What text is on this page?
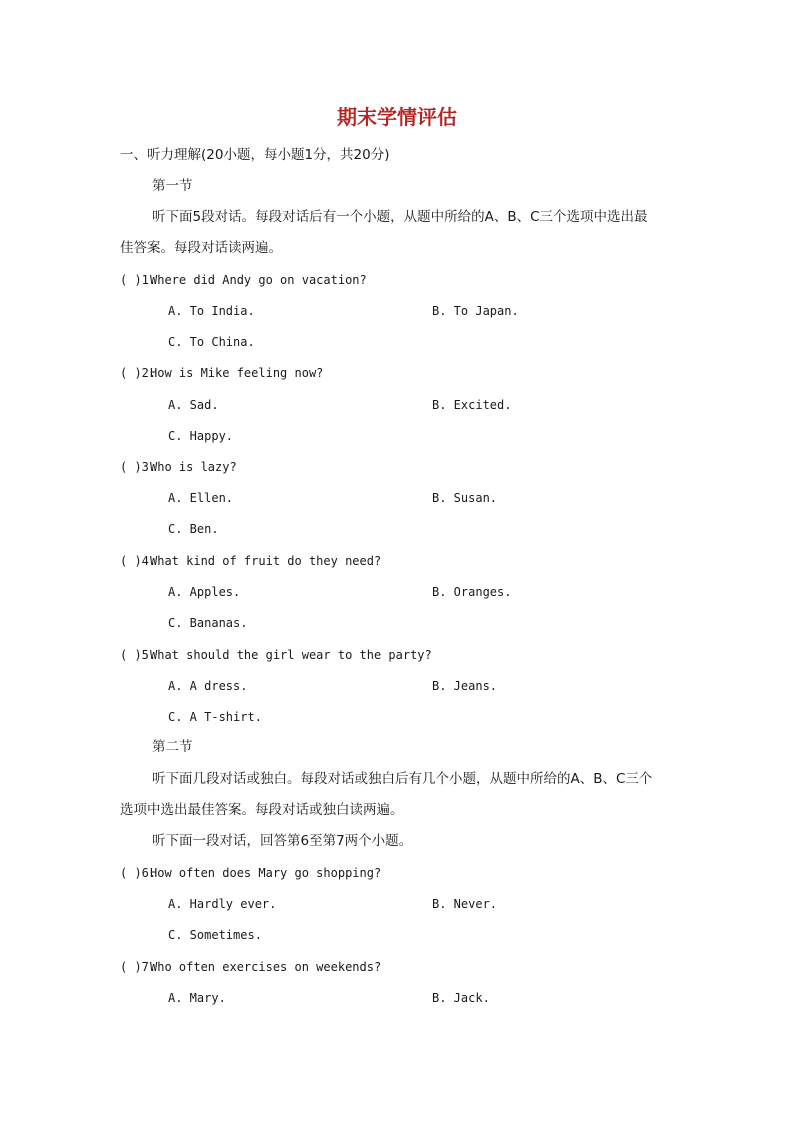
期末学情评估
一、听力理解(20小题，每小题1分，共20分)
第一节
听下面5段对话。每段对话后有一个小题，从题中所给的A、B、C三个选项中选出最
佳答案。每段对话读两遍。
( )1.Where did Andy go on vacation?
A. To India.	B. To Japan.
C. To China.
( )2.How is Mike feeling now?
A. Sad.	B. Excited.
C. Happy.
( )3.Who is lazy?
A. Ellen.	B. Susan.
C. Ben.
( )4.What kind of fruit do they need?
A. Apples.	B. Oranges.
C. Bananas.
( )5.What should the girl wear to the party?
A. A dress.	B. Jeans.
C. A T-shirt.
第二节
听下面几段对话或独白。每段对话或独白后有几个小题，从题中所给的A、B、C三个
选项中选出最佳答案。每段对话或独白读两遍。
听下面一段对话，回答第6至第7两个小题。
( )6.How often does Mary go shopping?
A. Hardly ever.	B. Never.
C. Sometimes.
( )7.Who often exercises on weekends?
A. Mary.	B. Jack.
